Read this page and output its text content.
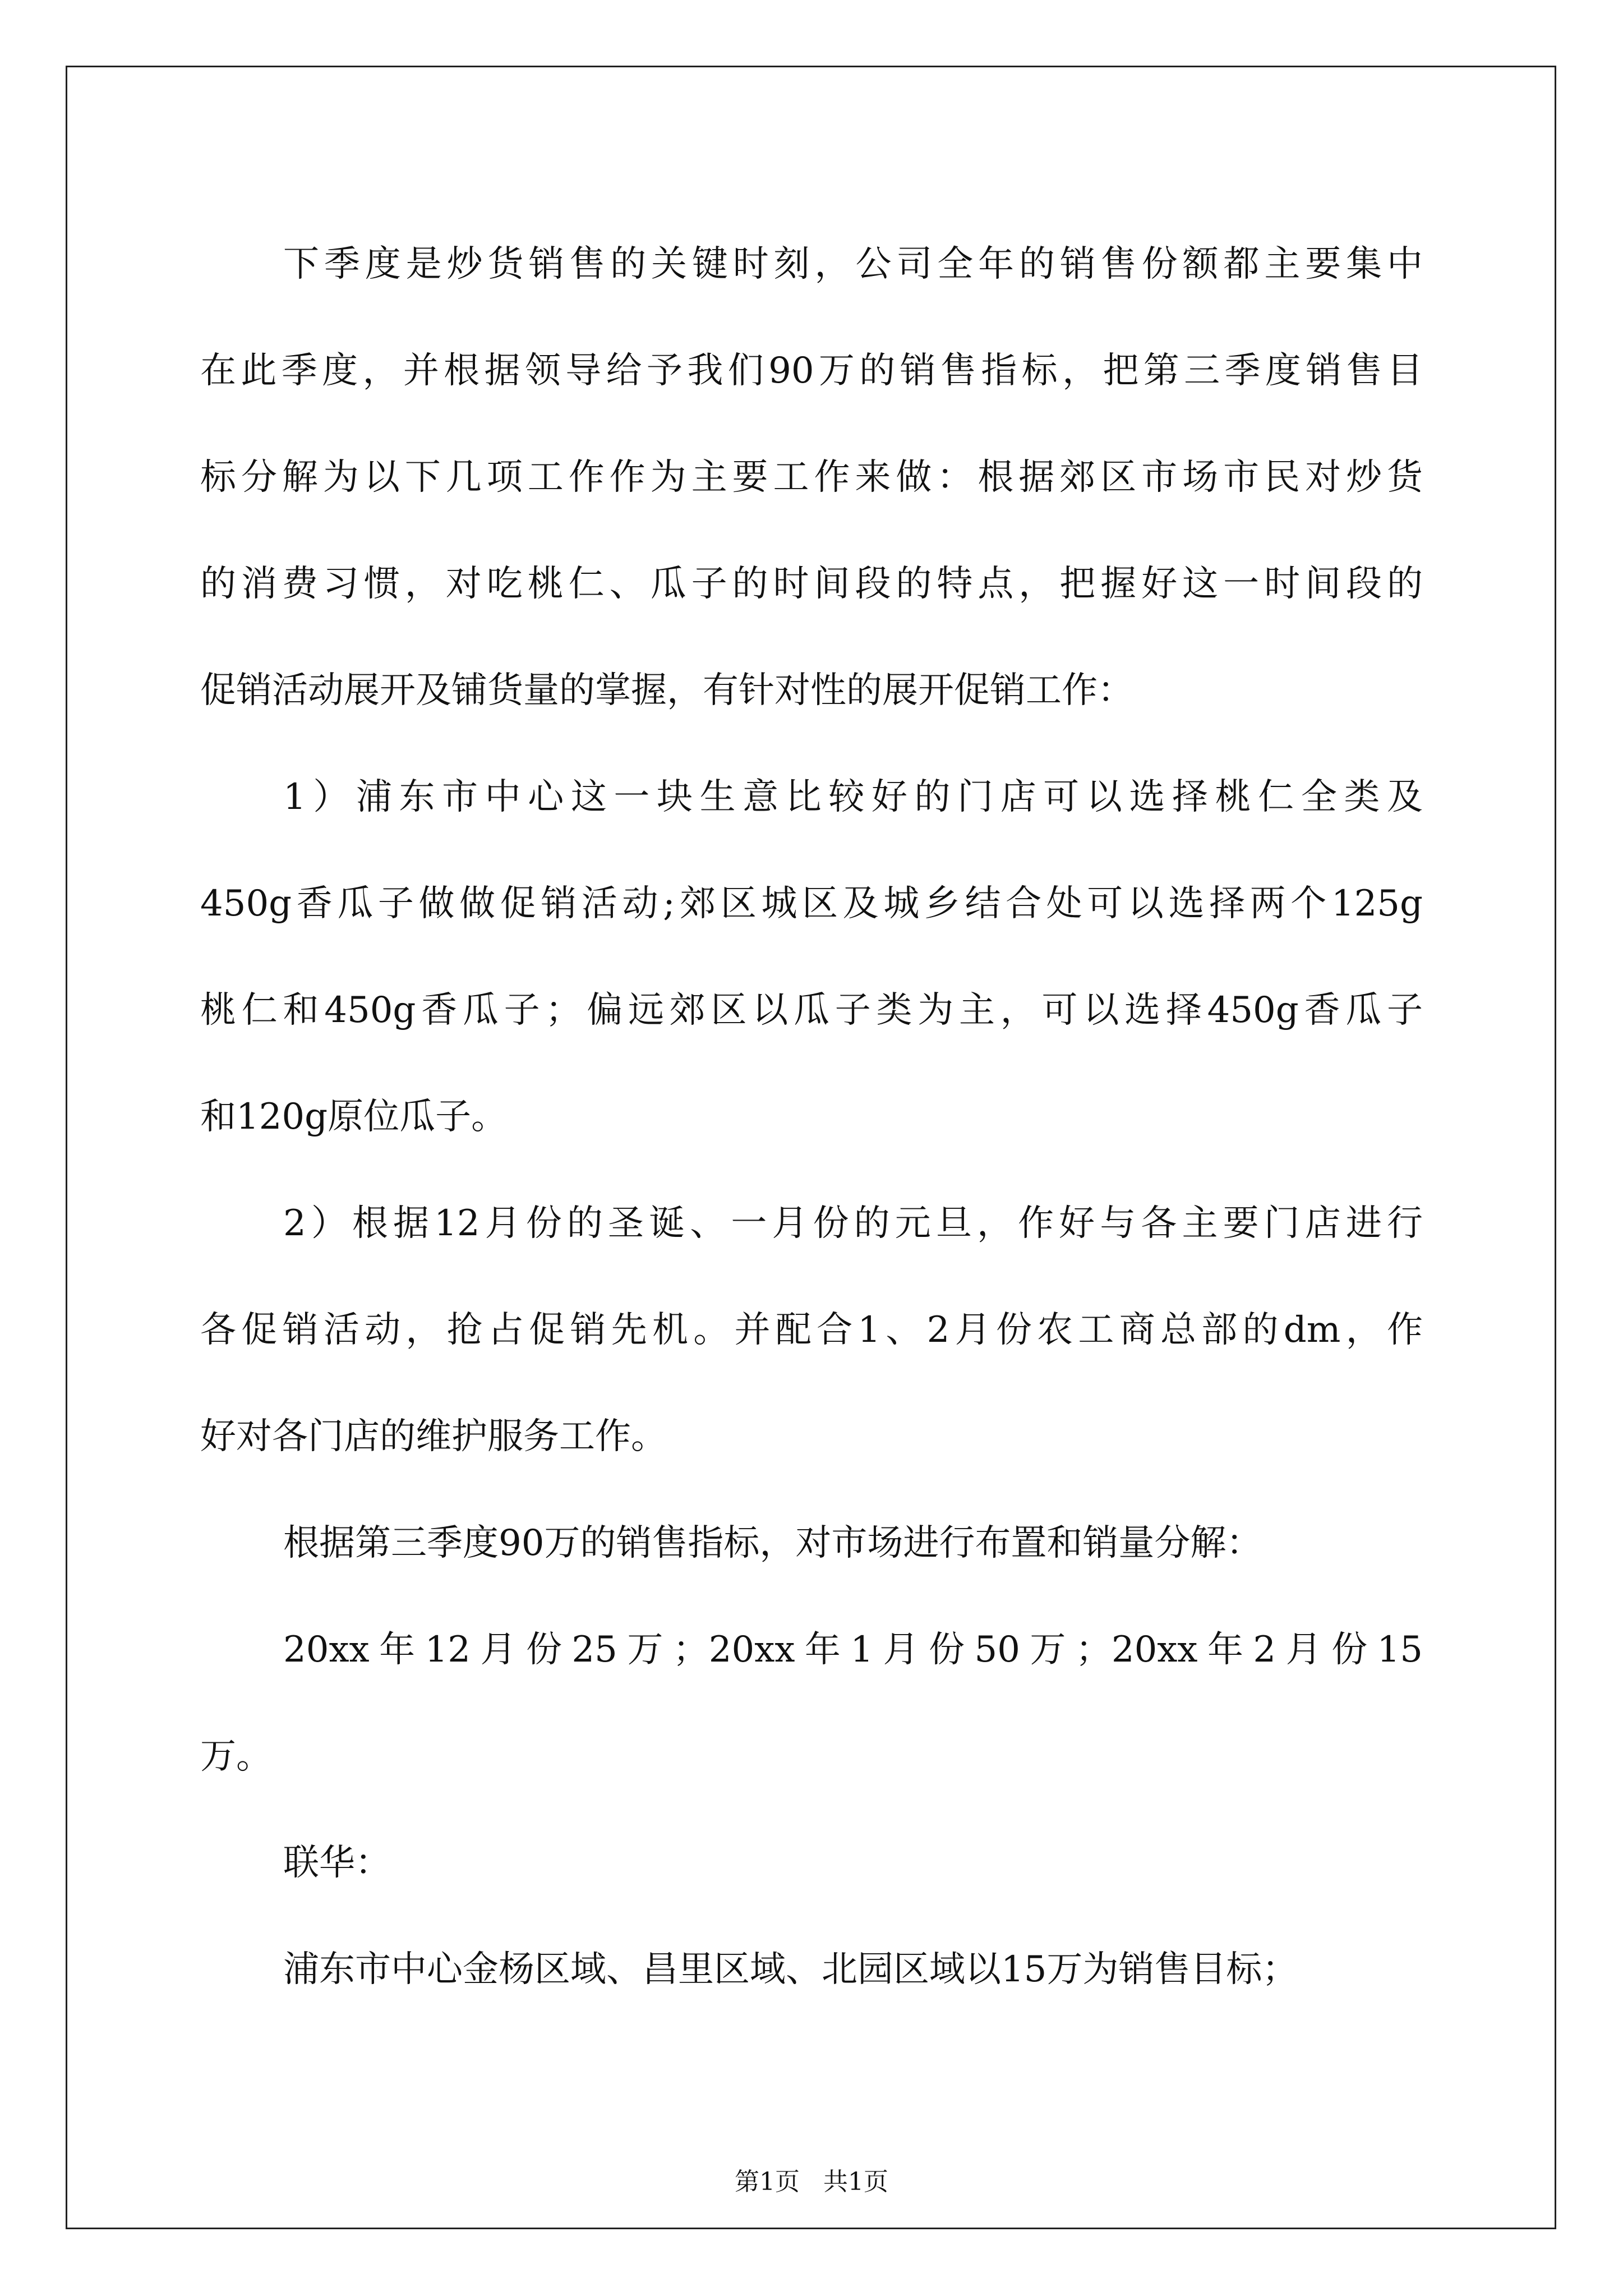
下季度是炒货销售的关键时刻，公司全年的销售份额都主要集中
在此季度，并根据领导给予我们90万的销售指标，把第三季度销售目
标分解为以下几项工作作为主要工作来做：根据郊区市场市民对炒货
的消费习惯，对吃桃仁、瓜子的时间段的特点，把握好这一时间段的
促销活动展开及铺货量的掌握，有针对性的展开促销工作：
1）浦东市中心这一块生意比较好的门店可以选择桃仁全类及
450g香瓜子做做促销活动;郊区城区及城乡结合处可以选择两个125g
桃仁和450g香瓜子；偏远郊区以瓜子类为主，可以选择450g香瓜子
和120g原位瓜子。
2）根据12月份的圣诞、一月份的元旦，作好与各主要门店进行
各促销活动，抢占促销先机。并配合1、2月份农工商总部的dm，作
好对各门店的维护服务工作。
根据第三季度90万的销售指标，对市场进行布置和销量分解：
20xx年12月份25万；20xx年1月份50万；20xx年2月份15
万。
联华：
浦东市中心金杨区域、昌里区域、北园区域以15万为销售目标；
第1页   共1页
